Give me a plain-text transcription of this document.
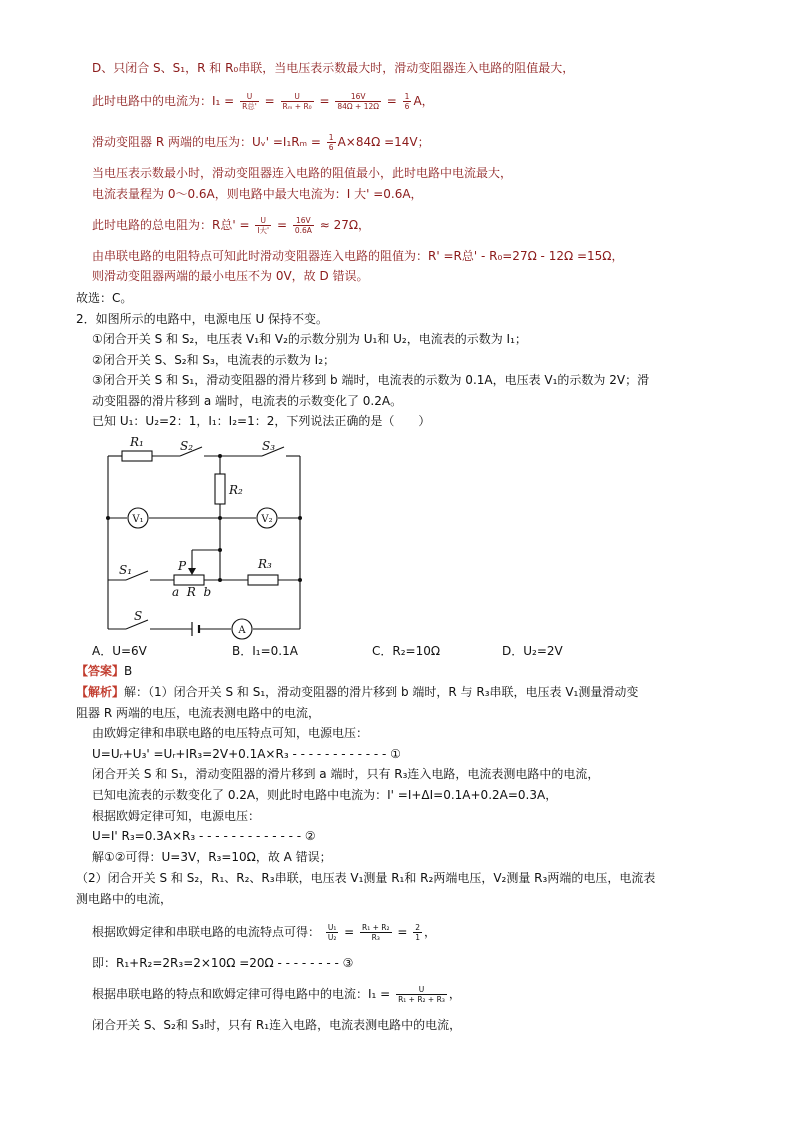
D、只闭合 S、S₁，R 和 R₀串联，当电压表示数最大时，滑动变阻器连入电路的阻值最大，
此时电路中的电流为：$I_1 = \frac{U}{\text{R总'}} = \frac{U}{\text{Rₘ + R₀}} = \frac{16V}{84\Omega + 12\Omega} = \frac{1}{6}$ A，
滑动变阻器 R 两端的电压为：Uᵥ' $=I_1R_m = \frac{1}{6} A\times 84\Omega =14V$；
当电压表示数最小时，滑动变阻器连入电路的阻值最小，此时电路中电流最大，
电流表量程为 0～0.6A，则电路中最大电流为：I 大' =0.6A，
此时电路的总电阻为：R总' = $\frac{U}{\text{I大'}} = \frac{16V}{0.6A} \approx 27\Omega$，
由串联电路的电阻特点可知此时滑动变阻器连入电路的阻值为：R' =R总' - R₀=27Ω - 12Ω =15Ω，
则滑动变阻器两端的最小电压不为 0V，故 D 错误。
故选：C。
2．如图所示的电路中，电源电压 U 保持不变。
①闭合开关 S 和 S₂，电压表 V₁和 V₂的示数分别为 U₁和 U₂，电流表的示数为 I₁；
②闭合开关 S、S₂和 S₃，电流表的示数为 I₂；
③闭合开关 S 和 S₁，滑动变阻器的滑片移到 b 端时，电流表的示数为 0.1A，电压表 V₁的示数为 2V；滑
动变阻器的滑片移到 a 端时，电流表的示数变化了 0.2A。
已知 U₁：U₂=2：1，I₁：I₂=1：2，下列说法正确的是（　　）
R₁	S₂	S₃
R₂
S₁	P
a  R  b
R₃
S
V₁	V₂
A
A．U=6V	B．I₁=0.1A	C．R₂=10Ω	D．U₂=2V
【答案】B
【解析】解：（1）闭合开关 S 和 S₁，滑动变阻器的滑片移到 b 端时，R 与 R₃串联，电压表 V₁测量滑动变
阻器 R 两端的电压，电流表测电路中的电流，
由欧姆定律和串联电路的电压特点可知，电源电压：
U=Uᵣ+U₃' =Uᵣ+IR₃=2V+0.1A×R₃ - - - - - - - - - - - - ①
闭合开关 S 和 S₁，滑动变阻器的滑片移到 a 端时，只有 R₃连入电路，电流表测电路中的电流，
已知电流表的示数变化了 0.2A，则此时电路中电流为：I' =I+ΔI=0.1A+0.2A=0.3A，
根据欧姆定律可知，电源电压：
U=I' R₃=0.3A×R₃ - - - - - - - - - - - - - ②
解①②可得：U=3V，R₃=10Ω，故 A 错误；
（2）闭合开关 S 和 S₂，R₁、R₂、R₃串联，电压表 V₁测量 R₁和 R₂两端电压，V₂测量 R₃两端的电压，电流表
测电路中的电流，
根据欧姆定律和串联电路的电流特点可得： $\frac{\text{U₁}}{\text{U₂}} = \frac{\text{R₁ + R₂}}{\text{R₃}} = \frac{2}{1}$ ，
即：R₁+R₂=2R₃=2×10Ω =20Ω - - - - - - - - ③
根据串联电路的特点和欧姆定律可得电路中的电流：$I_1 = \frac{U}{\text{R₁ + R₂ + R₃}}$ ，
闭合开关 S、S₂和 S₃时，只有 R₁连入电路，电流表测电路中的电流，
